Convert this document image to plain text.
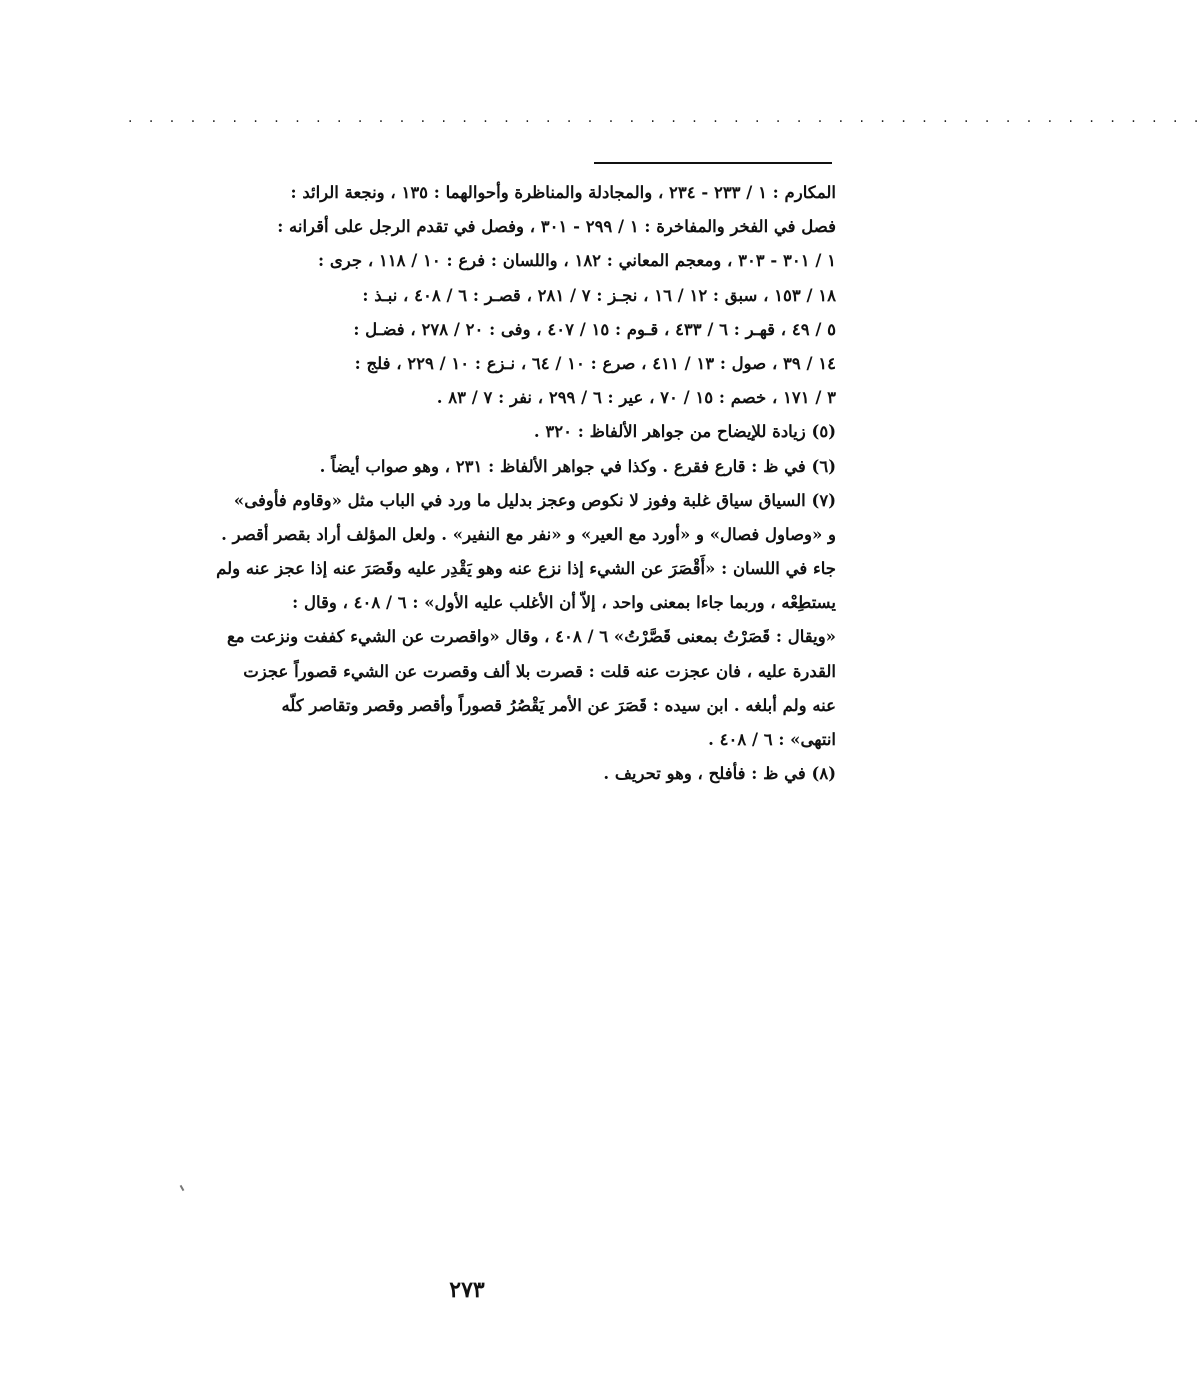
. . . . . . . . . . . . . . . . . . . . . . . . . . . . . . . . . . . . . . . . . . . . . . . . . . . .
المكارم : ١ / ٢٣٣ - ٢٣٤ ، والمجادلة والمناظرة وأحوالهما : ١٣٥ ، ونجعة الرائد :
فصل في الفخر والمفاخرة : ١ / ٢٩٩ - ٣٠١ ، وفصل في تقدم الرجل على أقرانه :
١ / ٣٠١ - ٣٠٣ ، ومعجم المعاني : ١٨٢ ، واللسان : فرع : ١٠ / ١١٨ ، جرى :
١٨ / ١٥٣ ، سبق : ١٢ / ١٦ ، نجـز : ٧ / ٢٨١ ، قصـر : ٦ / ٤٠٨ ، نبـذ :
٥ / ٤٩ ، قهـر : ٦ / ٤٣٣ ، قـوم : ١٥ / ٤٠٧ ، وفى : ٢٠ / ٢٧٨ ، فضـل :
١٤ / ٣٩ ، صول : ١٣ / ٤١١ ، صرع : ١٠ / ٦٤ ، نـزع : ١٠ / ٢٢٩ ، فلج :
٣ / ١٧١ ، خصم : ١٥ / ٧٠ ، عير : ٦ / ٢٩٩ ، نفر : ٧ / ٨٣ .
(٥) زيادة للإيضاح من جواهر الألفاظ : ٣٢٠ .
(٦) في ظ : قارع فقرع . وكذا في جواهر الألفاظ : ٢٣١ ، وهو صواب أيضاً .
(٧) السياق سياق غلبة وفوز لا نكوص وعجز بدليل ما ورد في الباب مثل «وقاوم فأوفى»
و «وصاول فصال» و «أورد مع العير» و «نفر مع النفير» . ولعل المؤلف أراد بقصر أقصر .
جاء في اللسان : «أَقْصَرَ عن الشيء إذا نزع عنه وهو يَقْدِر عليه وقَصَرَ عنه إذا عجز عنه ولم
يستطِعْه ، وربما جاءا بمعنى واحد ، إلاّ أن الأغلب عليه الأول» : ٦ / ٤٠٨ ، وقال :
«ويقال : قَصَرْتُ بمعنى قَصَّرْتُ» ٦ / ٤٠٨ ، وقال «واقصرت عن الشيء كففت ونزعت مع
القدرة عليه ، فان عجزت عنه قلت : قصرت بلا ألف وقصرت عن الشيء قصوراً عجزت
عنه ولم أبلغه . ابن سيده : قَصَرَ عن الأمر يَقْصُرُ قصوراً وأقصر وقصر وتقاصر كلّه
انتهى» : ٦ / ٤٠٨ .
(٨) في ظ : فأفلح ، وهو تحريف .
٢٧٣
